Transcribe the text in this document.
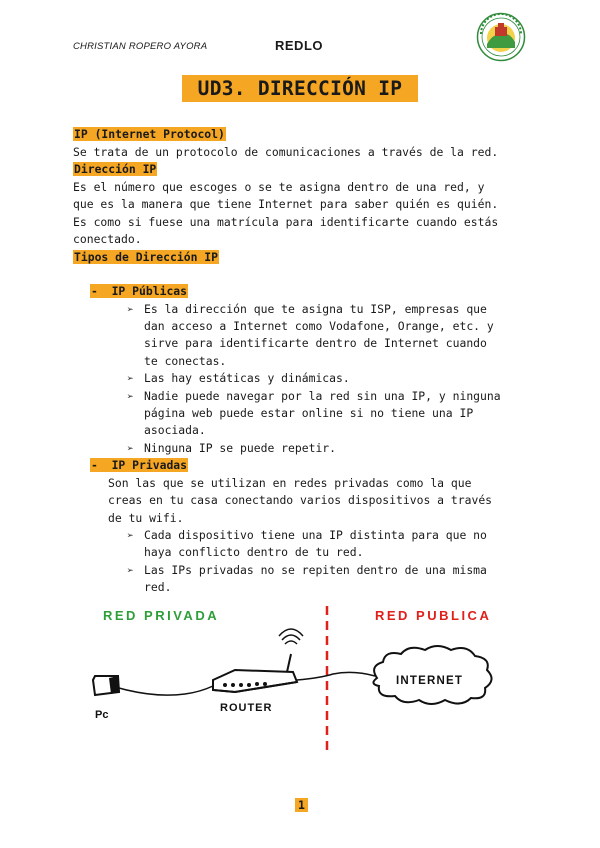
CHRISTIAN ROPERO AYORA	REDLO
UD3. DIRECCIÓN IP
IP (Internet Protocol)
Se trata de un protocolo de comunicaciones a través de la red.
Dirección IP
Es el número que escoges o se te asigna dentro de una red, y
que es la manera que tiene Internet para saber quién es quién.
Es como si fuese una matrícula para identificarte cuando estás
conectado.
Tipos de Dirección IP
-  IP Públicas
➢ Es la dirección que te asigna tu ISP, empresas que
dan acceso a Internet como Vodafone, Orange, etc. y
sirve para identificarte dentro de Internet cuando
te conectas.
➢ Las hay estáticas y dinámicas.
➢ Nadie puede navegar por la red sin una IP, y ninguna
página web puede estar online si no tiene una IP
asociada.
➢ Ninguna IP se puede repetir.
-  IP Privadas
Son las que se utilizan en redes privadas como la que
creas en tu casa conectando varios dispositivos a través
de tu wifi.
➢ Cada dispositivo tiene una IP distinta para que no
haya conflicto dentro de tu red.
➢ Las IPs privadas no se repiten dentro de una misma
red.
RED PRIVADA	RED PUBLICA
Pc
ROUTER
INTERNET
1
